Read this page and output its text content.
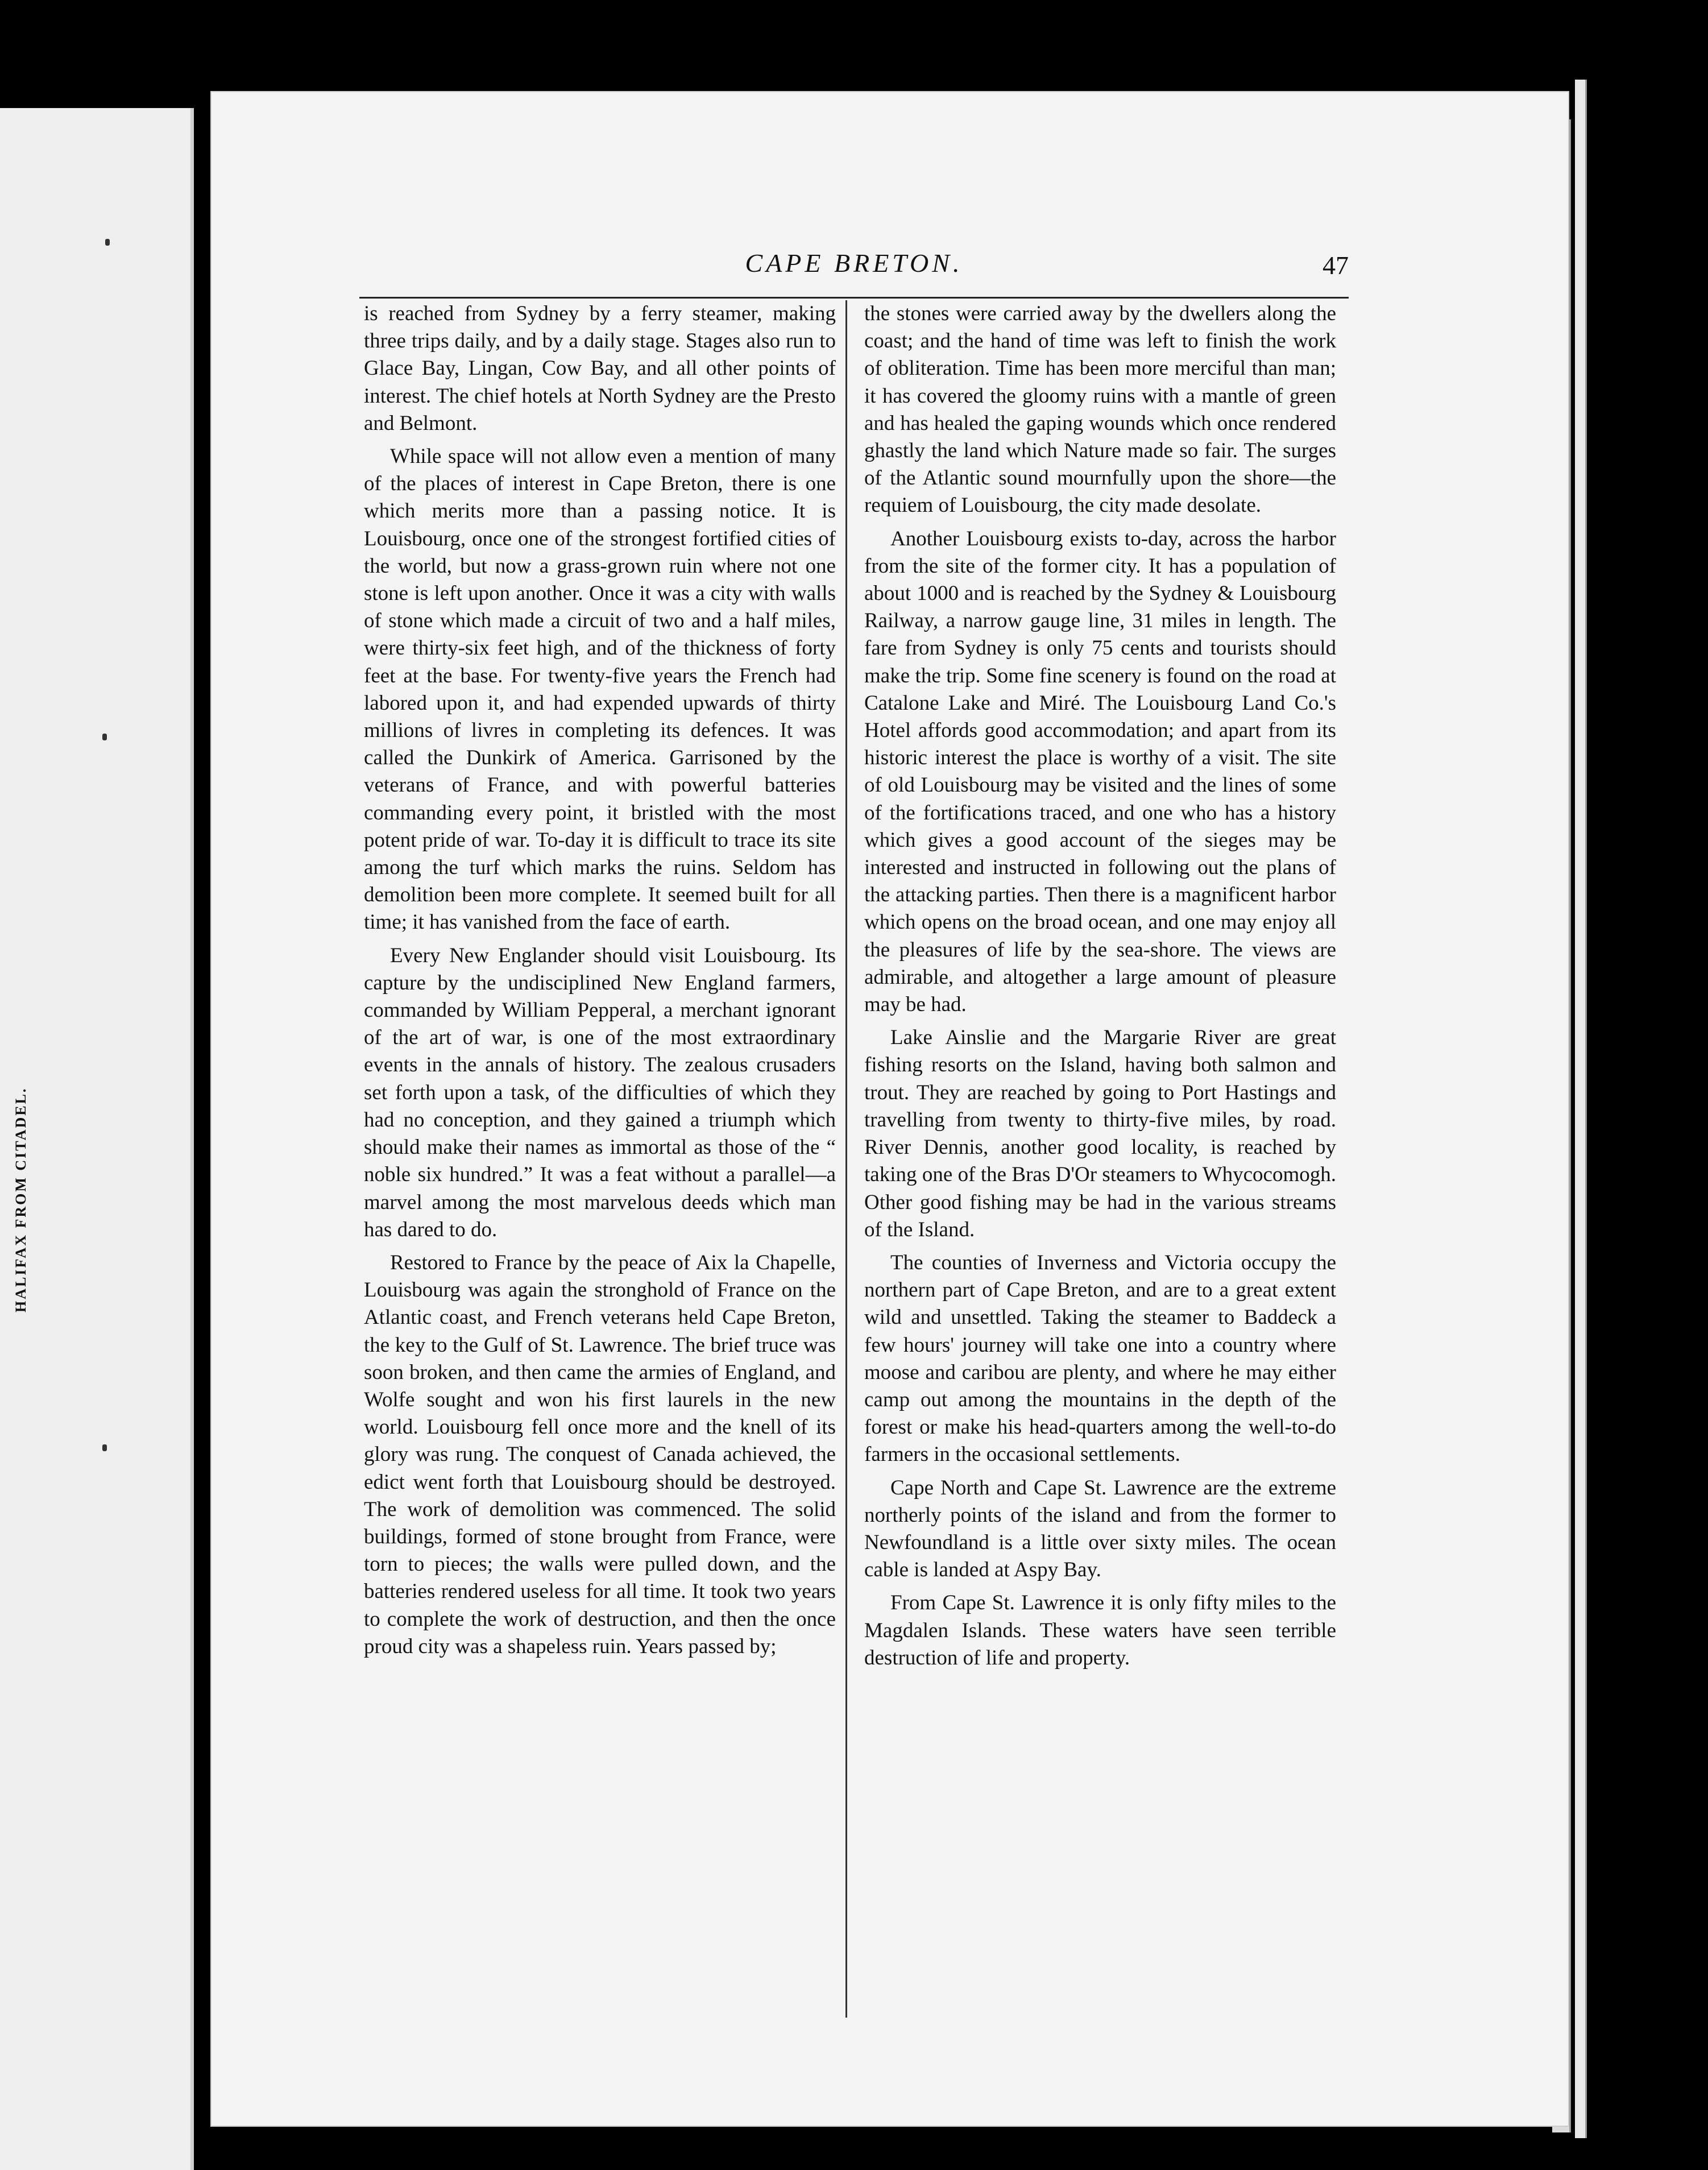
HALIFAX FROM CITADEL.
CAPE BRETON.	47

is reached from Sydney by a ferry steamer, making three trips daily, and by a daily stage. Stages also run to Glace Bay, Lingan, Cow Bay, and all other points of interest. The chief hotels at North Sydney are the Presto and Belmont.

While space will not allow even a mention of many of the places of interest in Cape Breton, there is one which merits more than a passing notice. It is Louisbourg, once one of the strongest fortified cities of the world, but now a grass-grown ruin where not one stone is left upon another. Once it was a city with walls of stone which made a circuit of two and a half miles, were thirty-six feet high, and of the thickness of forty feet at the base. For twenty-five years the French had labored upon it, and had expended upwards of thirty millions of livres in completing its defences. It was called the Dunkirk of America. Garrisoned by the veterans of France, and with powerful batteries commanding every point, it bristled with the most potent pride of war. To-day it is difficult to trace its site among the turf which marks the ruins. Seldom has demolition been more complete. It seemed built for all time; it has vanished from the face of earth.

Every New Englander should visit Louisbourg. Its capture by the undisciplined New England farmers, commanded by William Pepperal, a merchant ignorant of the art of war, is one of the most extraordinary events in the annals of history. The zealous crusaders set forth upon a task, of the difficulties of which they had no conception, and they gained a triumph which should make their names as immortal as those of the “ noble six hundred.” It was a feat without a parallel—a marvel among the most marvelous deeds which man has dared to do.

Restored to France by the peace of Aix la Chapelle, Louisbourg was again the stronghold of France on the Atlantic coast, and French veterans held Cape Breton, the key to the Gulf of St. Lawrence. The brief truce was soon broken, and then came the armies of England, and Wolfe sought and won his first laurels in the new world. Louisbourg fell once more and the knell of its glory was rung. The conquest of Canada achieved, the edict went forth that Louisbourg should be destroyed. The work of demolition was commenced. The solid buildings, formed of stone brought from France, were torn to pieces; the walls were pulled down, and the batteries rendered useless for all time. It took two years to complete the work of destruction, and then the once proud city was a shapeless ruin. Years passed by;

the stones were carried away by the dwellers along the coast; and the hand of time was left to finish the work of obliteration. Time has been more merciful than man; it has covered the gloomy ruins with a mantle of green and has healed the gaping wounds which once rendered ghastly the land which Nature made so fair. The surges of the Atlantic sound mournfully upon the shore—the requiem of Louisbourg, the city made desolate.

Another Louisbourg exists to-day, across the harbor from the site of the former city. It has a population of about 1000 and is reached by the Sydney & Louisbourg Railway, a narrow gauge line, 31 miles in length. The fare from Sydney is only 75 cents and tourists should make the trip. Some fine scenery is found on the road at Catalone Lake and Miré. The Louisbourg Land Co.'s Hotel affords good accommodation; and apart from its historic interest the place is worthy of a visit. The site of old Louisbourg may be visited and the lines of some of the fortifications traced, and one who has a history which gives a good account of the sieges may be interested and instructed in following out the plans of the attacking parties. Then there is a magnificent harbor which opens on the broad ocean, and one may enjoy all the pleasures of life by the sea-shore. The views are admirable, and altogether a large amount of pleasure may be had.

Lake Ainslie and the Margarie River are great fishing resorts on the Island, having both salmon and trout. They are reached by going to Port Hastings and travelling from twenty to thirty-five miles, by road. River Dennis, another good locality, is reached by taking one of the Bras D'Or steamers to Whycocomogh. Other good fishing may be had in the various streams of the Island.

The counties of Inverness and Victoria occupy the northern part of Cape Breton, and are to a great extent wild and unsettled. Taking the steamer to Baddeck a few hours' journey will take one into a country where moose and caribou are plenty, and where he may either camp out among the mountains in the depth of the forest or make his head-quarters among the well-to-do farmers in the occasional settlements.

Cape North and Cape St. Lawrence are the extreme northerly points of the island and from the former to Newfoundland is a little over sixty miles. The ocean cable is landed at Aspy Bay.

From Cape St. Lawrence it is only fifty miles to the Magdalen Islands. These waters have seen terrible destruction of life and property.
